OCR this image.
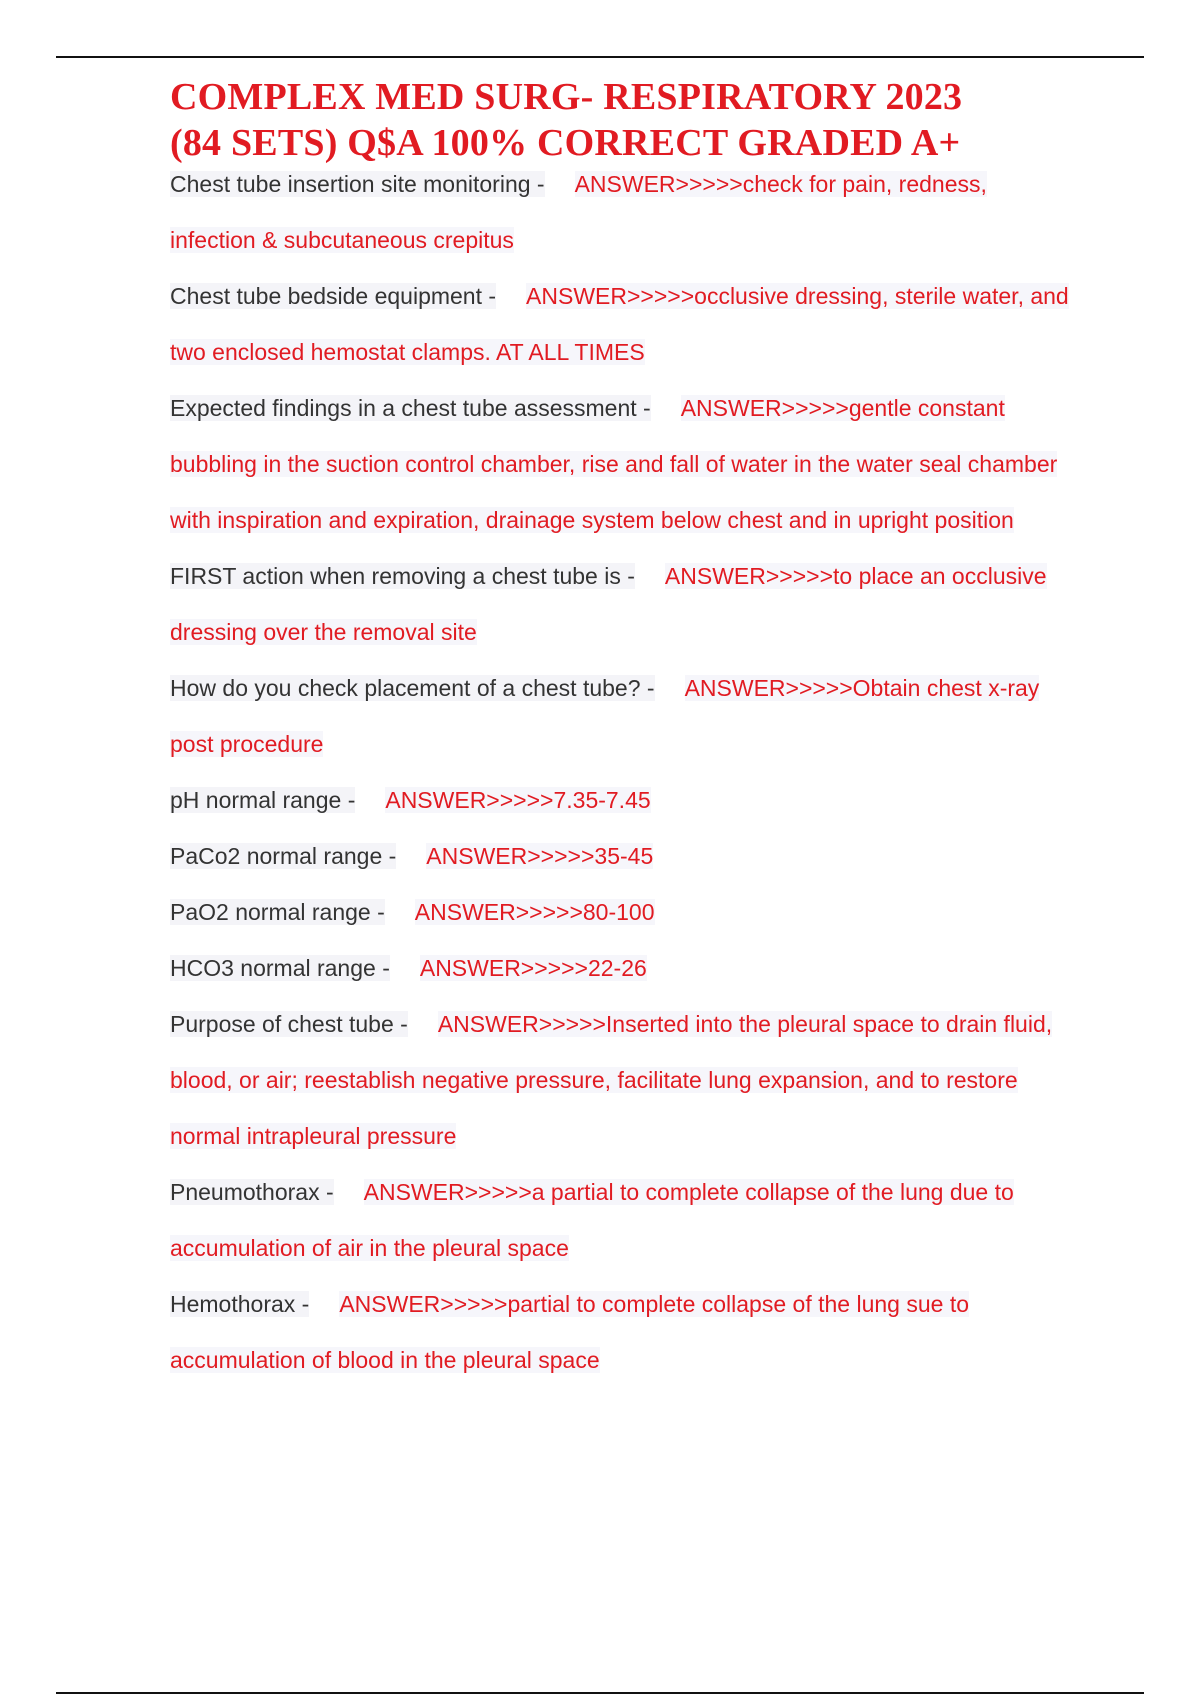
COMPLEX MED SURG- RESPIRATORY 2023
(84 SETS) Q$A 100% CORRECT GRADED A+

Chest tube insertion site monitoring - ANSWER>>>>>check for pain, redness, infection & subcutaneous crepitus

Chest tube bedside equipment - ANSWER>>>>>occlusive dressing, sterile water, and two enclosed hemostat clamps. AT ALL TIMES

Expected findings in a chest tube assessment - ANSWER>>>>>gentle constant bubbling in the suction control chamber, rise and fall of water in the water seal chamber with inspiration and expiration, drainage system below chest and in upright position

FIRST action when removing a chest tube is - ANSWER>>>>>to place an occlusive dressing over the removal site

How do you check placement of a chest tube? - ANSWER>>>>>Obtain chest x-ray post procedure

pH normal range - ANSWER>>>>>7.35-7.45

PaCo2 normal range - ANSWER>>>>>35-45

PaO2 normal range - ANSWER>>>>>80-100

HCO3 normal range - ANSWER>>>>>22-26

Purpose of chest tube - ANSWER>>>>>Inserted into the pleural space to drain fluid, blood, or air; reestablish negative pressure, facilitate lung expansion, and to restore normal intrapleural pressure

Pneumothorax - ANSWER>>>>>a partial to complete collapse of the lung due to accumulation of air in the pleural space

Hemothorax - ANSWER>>>>>partial to complete collapse of the lung sue to accumulation of blood in the pleural space
